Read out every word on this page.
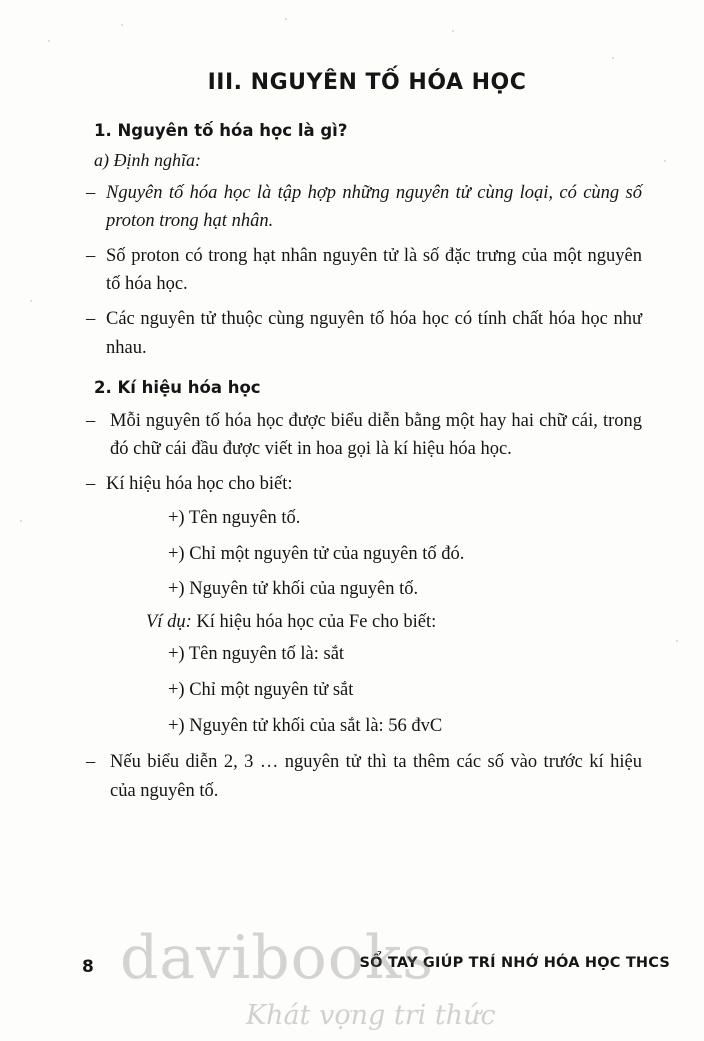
III. NGUYÊN TỐ HÓA HỌC
1. Nguyên tố hóa học là gì?
a) Định nghĩa:
– Nguyên tố hóa học là tập hợp những nguyên tử cùng loại, có cùng số proton trong hạt nhân.
– Số proton có trong hạt nhân nguyên tử là số đặc trưng của một nguyên tố hóa học.
– Các nguyên tử thuộc cùng nguyên tố hóa học có tính chất hóa học như nhau.
2. Kí hiệu hóa học
– Mỗi nguyên tố hóa học được biểu diễn bằng một hay hai chữ cái, trong đó chữ cái đầu được viết in hoa gọi là kí hiệu hóa học.
– Kí hiệu hóa học cho biết:
+) Tên nguyên tố.
+) Chỉ một nguyên tử của nguyên tố đó.
+) Nguyên tử khối của nguyên tố.
Ví dụ: Kí hiệu hóa học của Fe cho biết:
+) Tên nguyên tố là: sắt
+) Chỉ một nguyên tử sắt
+) Nguyên tử khối của sắt là: 56 đvC
– Nếu biểu diễn 2, 3 … nguyên tử thì ta thêm các số vào trước kí hiệu của nguyên tố.
8	SỔ TAY GIÚP TRÍ NHỚ HÓA HỌC THCS
davibooks
Khát vọng tri thức
